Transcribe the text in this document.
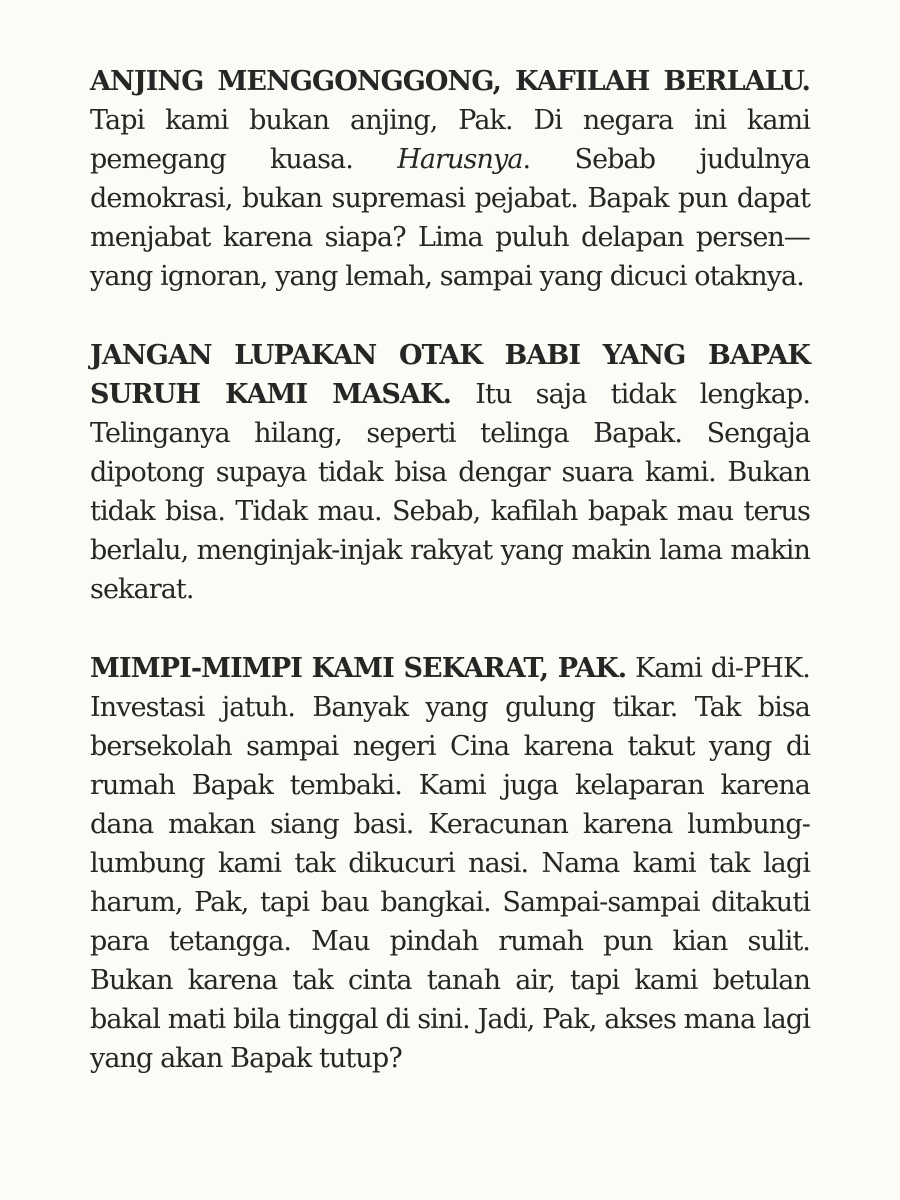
ANJING MENGGONGGONG, KAFILAH BERLALU. Tapi kami bukan anjing, Pak. Di negara ini kami pemegang kuasa. Harusnya. Sebab judulnya demokrasi, bukan supremasi pejabat. Bapak pun dapat menjabat karena siapa? Lima puluh delapan persen—yang ignoran, yang lemah, sampai yang dicuci otaknya.

JANGAN LUPAKAN OTAK BABI YANG BAPAK SURUH KAMI MASAK. Itu saja tidak lengkap. Telinganya hilang, seperti telinga Bapak. Sengaja dipotong supaya tidak bisa dengar suara kami. Bukan tidak bisa. Tidak mau. Sebab, kafilah bapak mau terus berlalu, menginjak-injak rakyat yang makin lama makin sekarat.

MIMPI-MIMPI KAMI SEKARAT, PAK. Kami di-PHK. Investasi jatuh. Banyak yang gulung tikar. Tak bisa bersekolah sampai negeri Cina karena takut yang di rumah Bapak tembaki. Kami juga kelaparan karena dana makan siang basi. Keracunan karena lumbung-lumbung kami tak dikucuri nasi. Nama kami tak lagi harum, Pak, tapi bau bangkai. Sampai-sampai ditakuti para tetangga. Mau pindah rumah pun kian sulit. Bukan karena tak cinta tanah air, tapi kami betulan bakal mati bila tinggal di sini. Jadi, Pak, akses mana lagi yang akan Bapak tutup?
